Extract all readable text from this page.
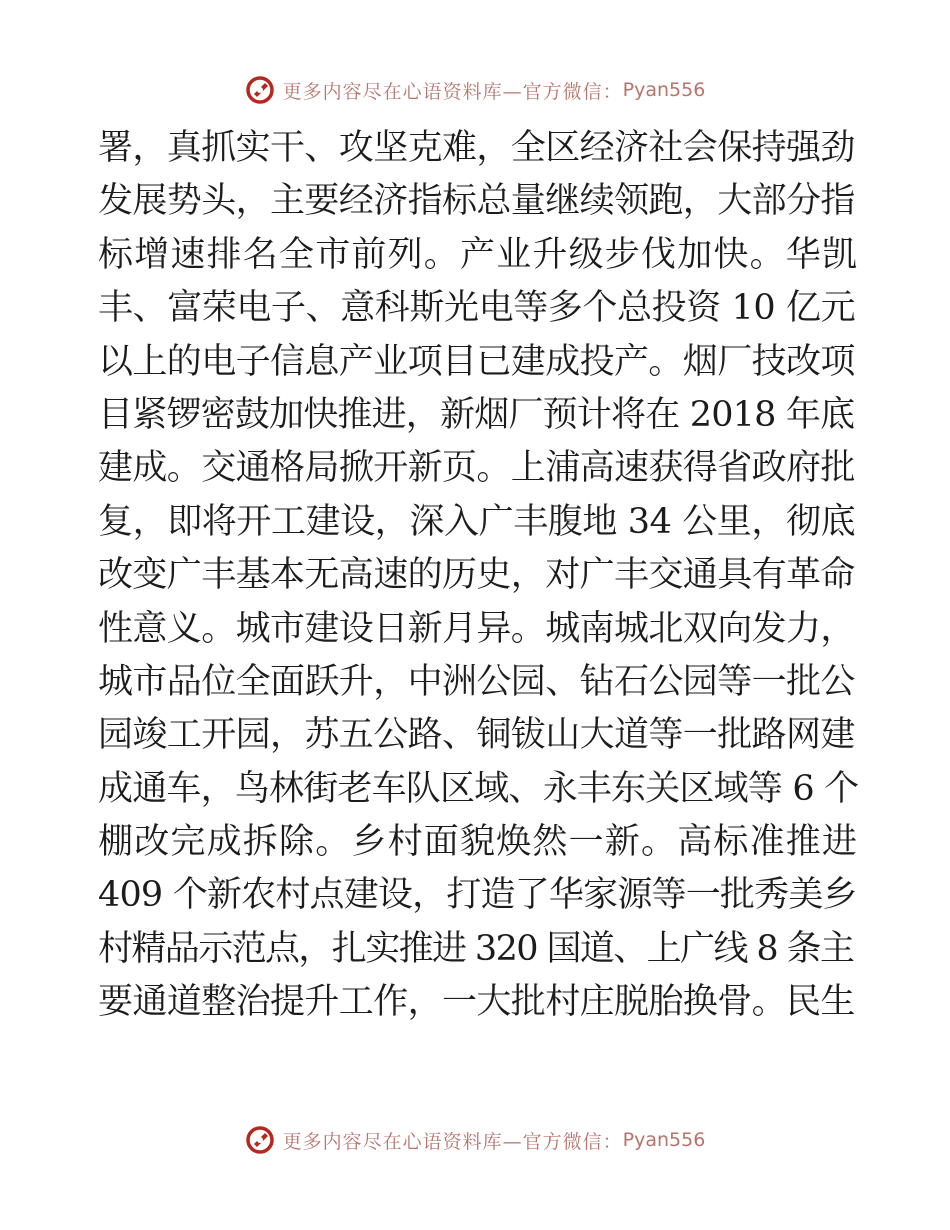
更多内容尽在心语资料库—官方微信： Pyan556
署，真抓实干、攻坚克难，全区经济社会保持强劲
发展势头，主要经济指标总量继续领跑，大部分指
标增速排名全市前列。产业升级步伐加快。华凯
丰、富荣电子、意科斯光电等多个总投资 10 亿元
以上的电子信息产业项目已建成投产。烟厂技改项
目紧锣密鼓加快推进，新烟厂预计将在 2018 年底
建成。交通格局掀开新页。上浦高速获得省政府批
复，即将开工建设，深入广丰腹地 34 公里，彻底
改变广丰基本无高速的历史，对广丰交通具有革命
性意义。城市建设日新月异。城南城北双向发力，
城市品位全面跃升，中洲公园、钻石公园等一批公
园竣工开园，苏五公路、铜钹山大道等一批路网建
成通车，鸟林街老车队区域、永丰东关区域等 6 个
棚改完成拆除。乡村面貌焕然一新。高标准推进
409 个新农村点建设，打造了华家源等一批秀美乡
村精品示范点，扎实推进 320 国道、上广线 8 条主
要通道整治提升工作，一大批村庄脱胎换骨。民生
更多内容尽在心语资料库—官方微信： Pyan556
